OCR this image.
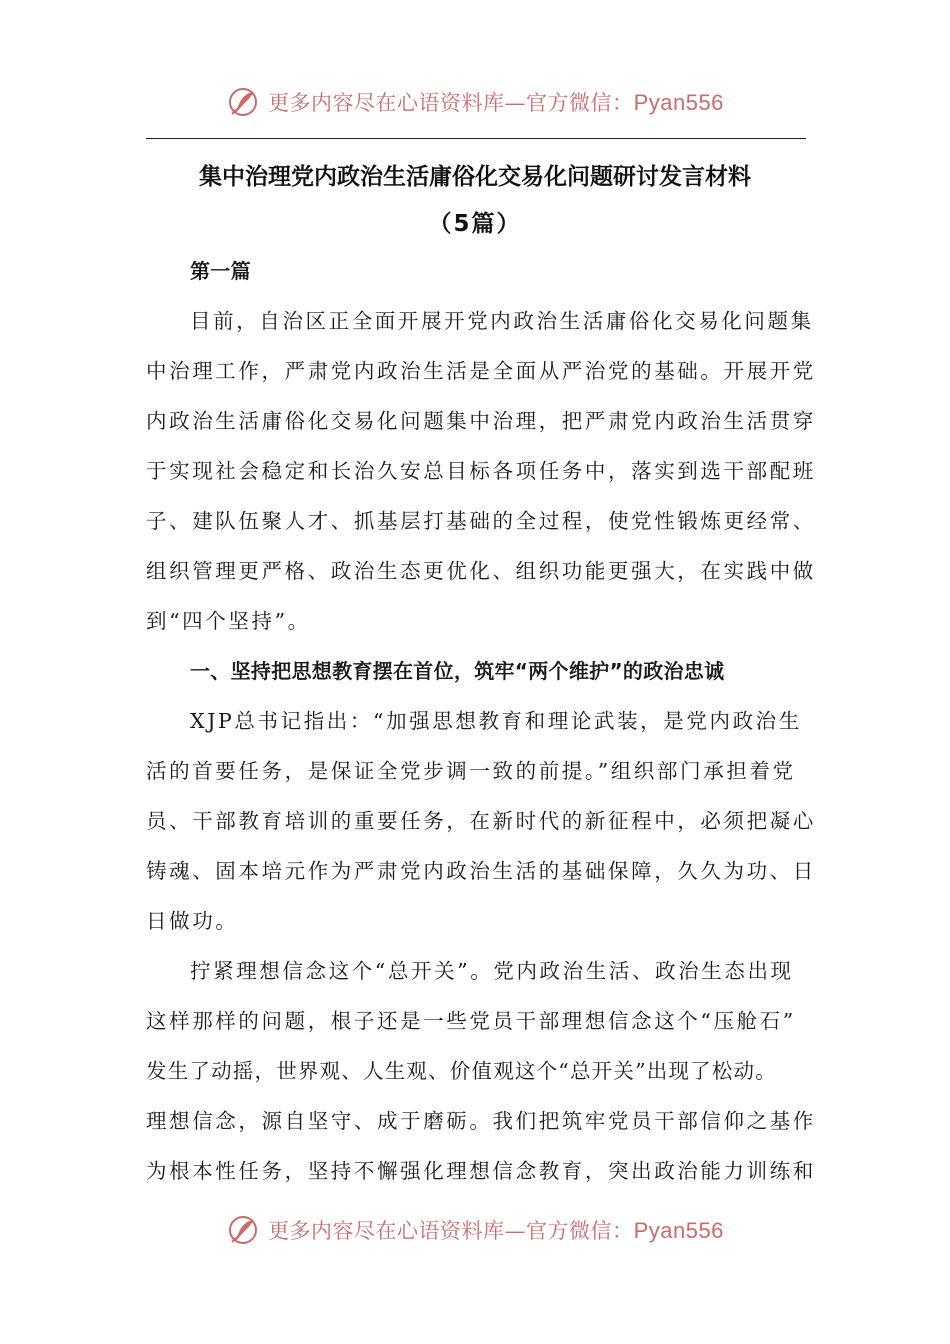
更多内容尽在心语资料库—官方微信：Pyan556
集中治理党内政治生活庸俗化交易化问题研讨发言材料
（5篇）
第一篇
目前，自治区正全面开展开党内政治生活庸俗化交易化问题集
中治理工作，严肃党内政治生活是全面从严治党的基础。开展开党
内政治生活庸俗化交易化问题集中治理，把严肃党内政治生活贯穿
于实现社会稳定和长治久安总目标各项任务中，落实到选干部配班
子、建队伍聚人才、抓基层打基础的全过程，使党性锻炼更经常、
组织管理更严格、政治生态更优化、组织功能更强大，在实践中做
到“四个坚持”。
一、坚持把思想教育摆在首位，筑牢“两个维护”的政治忠诚
XJP总书记指出：“加强思想教育和理论武装，是党内政治生
活的首要任务，是保证全党步调一致的前提。”组织部门承担着党
员、干部教育培训的重要任务，在新时代的新征程中，必须把凝心
铸魂、固本培元作为严肃党内政治生活的基础保障，久久为功、日
日做功。
拧紧理想信念这个“总开关”。党内政治生活、政治生态出现
这样那样的问题，根子还是一些党员干部理想信念这个“压舱石”
发生了动摇，世界观、人生观、价值观这个“总开关”出现了松动。
理想信念，源自坚守、成于磨砺。我们把筑牢党员干部信仰之基作
为根本性任务，坚持不懈强化理想信念教育，突出政治能力训练和
更多内容尽在心语资料库—官方微信：Pyan556
